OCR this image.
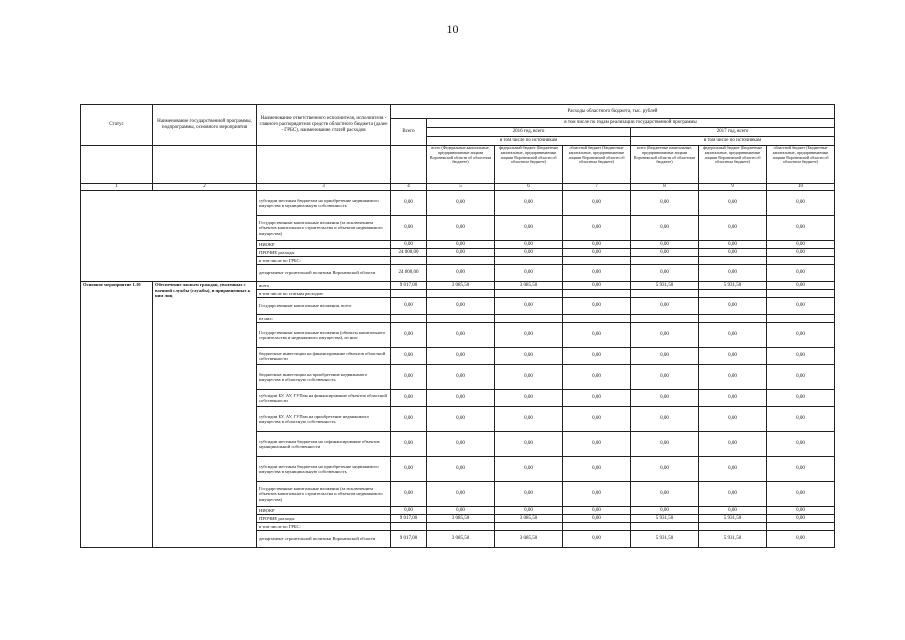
10
Статус	Наименование государственной программы, подпрограммы, основного мероприятия	Наименование ответственного исполнителя, исполнителя - главного распорядителя средств областного бюджета (далее - ГРБС), наименование статей расходов	Расходы областного бюджета, тыс. рублей						
			Всего	в том числе по годам реализации государственной программы					
				2016 год, всего			2017 год, всего		
				в том числе по источникам			в том числе по источникам		
				всего (Федеральные капитальные, предпринимаемые лицами Воронежской области об областном бюджете)	федеральный бюджет (Бюджетные капитальные, предпринимаемые лицами Воронежской области об областном бюджете)	областной бюджет (Бюджетные капитальные, предпринимаемые лицами Воронежской области об областном бюджете)	всего (Бюджетные капитальные, предпринимаемые лицами Воронежской области об областном бюджете)	федеральный бюджет (Бюджетные капитальные, предпринимаемые лицами Воронежской области об областном бюджете)	областной бюджет (Бюджетные капитальные, предпринимаемые лицами Воронежской области об областном бюджете)
1	2	3	4	5	6	7	8	9	10
		субсидии местным бюджетам на приобретение недвижимого имущества в муниципальную собственность	0,00	0,00	0,00	0,00	0,00	0,00	0,00
		Государственные капитальные вложения (за исключением объектов капитального строительства и объектов недвижимого имущества)	0,00	0,00	0,00	0,00	0,00	0,00	0,00
		НИОКР	0,00	0,00	0,00	0,00	0,00	0,00	0,00
		ПРОЧИЕ расходы	24 000,00	0,00	0,00	0,00	0,00	0,00	0,00
		в том числе по ГРБС:							
		департамент строительной политики Воронежской области	24 000,00	0,00	0,00	0,00	0,00	0,00	0,00
Основное мероприятие 1.10	Обеспечение жильем граждан, уволенных с военной службы (службы), и приравненных к ним лиц	всего	9 017,00	3 085,50	3 085,50	0,00	5 931,50	5 931,50	0,00
		в том числе по статьям расходов:							
		Государственные капитальные вложения, всего	0,00	0,00	0,00	0,00	0,00	0,00	0,00
		из них:							
		Государственные капитальные вложения (объекты капитального строительства и недвижимого имущества), из них:	0,00	0,00	0,00	0,00	0,00	0,00	0,00
		бюджетные инвестиции на финансирование объектов областной собственности	0,00	0,00	0,00	0,00	0,00	0,00	0,00
		бюджетные инвестиции на приобретение недвижимого имущества в областную собственность	0,00	0,00	0,00	0,00	0,00	0,00	0,00
		субсидии БУ, АУ, ГУПам на финансирование объектов областной собственности	0,00	0,00	0,00	0,00	0,00	0,00	0,00
		субсидии БУ, АУ, ГУПам на приобретение недвижимого имущества в областную собственность	0,00	0,00	0,00	0,00	0,00	0,00	0,00
		субсидии местным бюджетам на софинансирование объектов муниципальной собственности	0,00	0,00	0,00	0,00	0,00	0,00	0,00
		субсидии местным бюджетам на приобретение недвижимого имущества в муниципальную собственность	0,00	0,00	0,00	0,00	0,00	0,00	0,00
		Государственные капитальные вложения (за исключением объектов капитального строительства и объектов недвижимого имущества)	0,00	0,00	0,00	0,00	0,00	0,00	0,00
		НИОКР	0,00	0,00	0,00	0,00	0,00	0,00	0,00
		ПРОЧИЕ расходы	9 017,00	3 085,50	3 085,50	0,00	5 931,50	5 931,50	0,00
		в том числе по ГРБС:							
		департамент строительной политики Воронежской области	9 017,00	3 085,50	3 085,50	0,00	5 931,50	5 931,50	0,00
